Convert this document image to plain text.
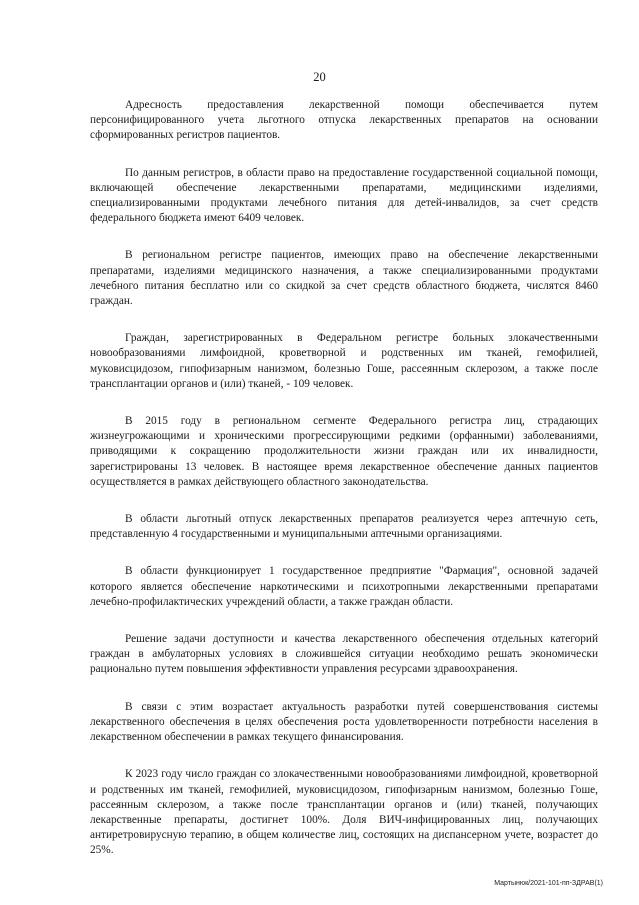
20

Адресность предоставления лекарственной помощи обеспечивается путем персонифицированного учета льготного отпуска лекарственных препаратов на основании сформированных регистров пациентов.

По данным регистров, в области право на предоставление государственной социальной помощи, включающей обеспечение лекарственными препаратами, медицинскими изделиями, специализированными продуктами лечебного питания для детей-инвалидов, за счет средств федерального бюджета имеют 6409 человек.

В региональном регистре пациентов, имеющих право на обеспечение лекарственными препаратами, изделиями медицинского назначения, а также специализированными продуктами лечебного питания бесплатно или со скидкой за счет средств областного бюджета, числятся 8460 граждан.

Граждан, зарегистрированных в Федеральном регистре больных злокачественными новообразованиями лимфоидной, кроветворной и родственных им тканей, гемофилией, муковисцидозом, гипофизарным нанизмом, болезнью Гоше, рассеянным склерозом, а также после трансплантации органов и (или) тканей, - 109 человек.

В 2015 году в региональном сегменте Федерального регистра лиц, страдающих жизнеугрожающими и хроническими прогрессирующими редкими (орфанными) заболеваниями, приводящими к сокращению продолжительности жизни граждан или их инвалидности, зарегистрированы 13 человек. В настоящее время лекарственное обеспечение данных пациентов осуществляется в рамках действующего областного законодательства.

В области льготный отпуск лекарственных препаратов реализуется через аптечную сеть, представленную 4 государственными и муниципальными аптечными организациями.

В области функционирует 1 государственное предприятие "Фармация", основной задачей которого является обеспечение наркотическими и психотропными лекарственными препаратами лечебно-профилактических учреждений области, а также граждан области.

Решение задачи доступности и качества лекарственного обеспечения отдельных категорий граждан в амбулаторных условиях в сложившейся ситуации необходимо решать экономически рационально путем повышения эффективности управления ресурсами здравоохранения.

В связи с этим возрастает актуальность разработки путей совершенствования системы лекарственного обеспечения в целях обеспечения роста удовлетворенности потребности населения в лекарственном обеспечении в рамках текущего финансирования.

К 2023 году число граждан со злокачественными новообразованиями лимфоидной, кроветворной и родственных им тканей, гемофилией, муковисцидозом, гипофизарным нанизмом, болезнью Гоше, рассеянным склерозом, а также после трансплантации органов и (или) тканей, получающих лекарственные препараты, достигнет 100%. Доля ВИЧ-инфицированных лиц, получающих антиретровирусную терапию, в общем количестве лиц, состоящих на диспансерном учете, возрастет до 25%.

Мартынюк/2021-101-пп-ЗДРАВ(1)
